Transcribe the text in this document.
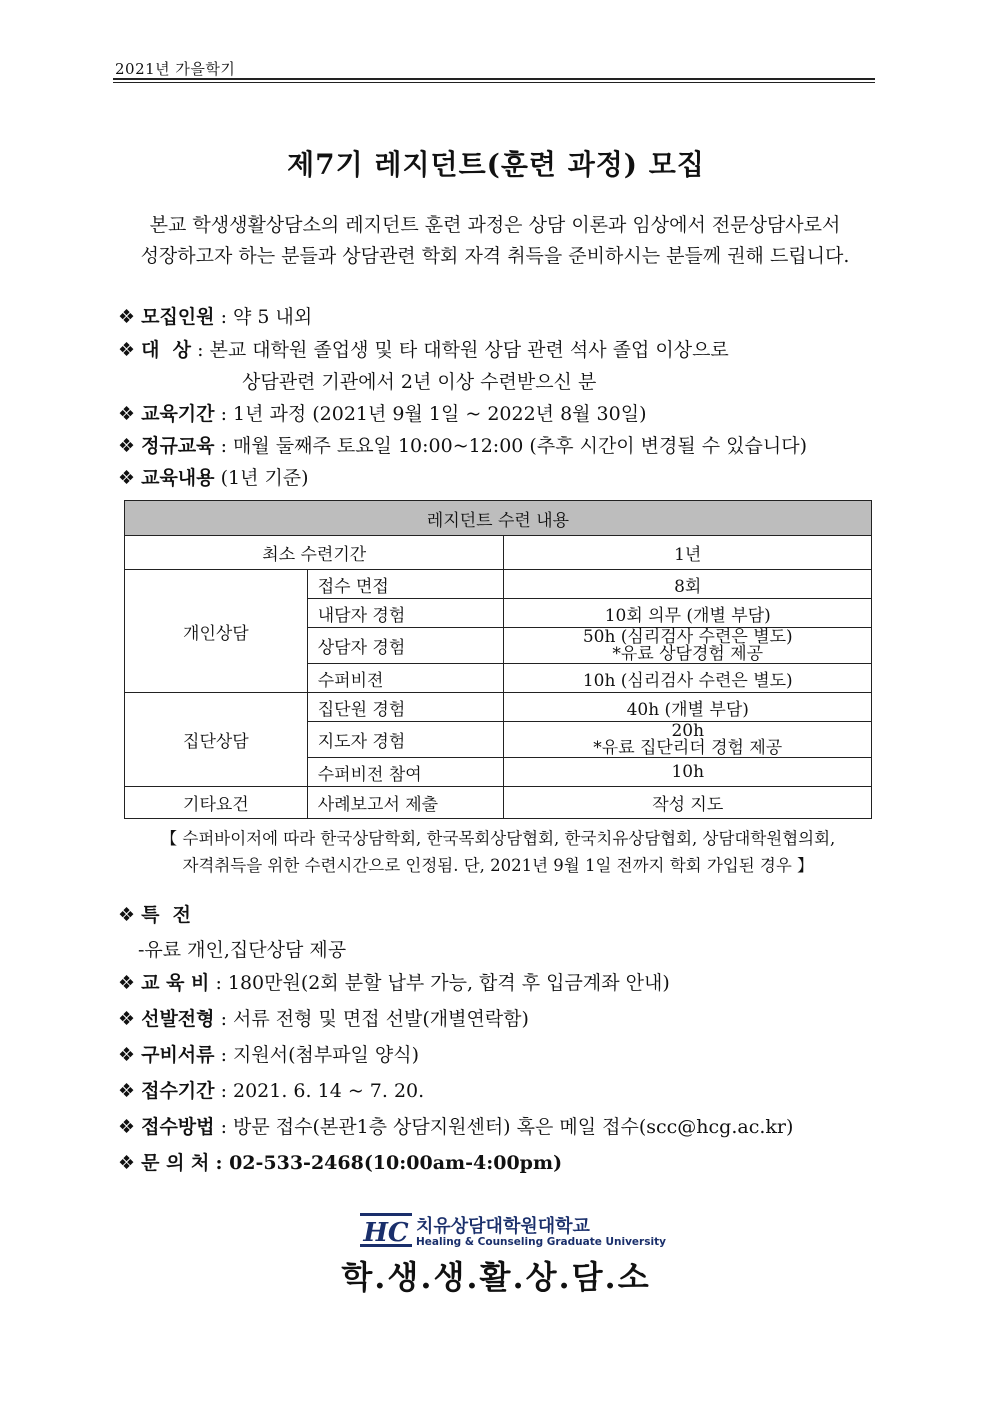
2021년 가을학기
제7기 레지던트(훈련 과정) 모집
본교 학생생활상담소의 레지던트 훈련 과정은 상담 이론과 임상에서 전문상담사로서
성장하고자 하는 분들과 상담관련 학회 자격 취득을 준비하시는 분들께 권해 드립니다.
❖ 모집인원 : 약 5 내외
❖ 대  상 : 본교 대학원 졸업생 및 타 대학원 상담 관련 석사 졸업 이상으로
상담관련 기관에서 2년 이상 수련받으신 분
❖ 교육기간 : 1년 과정 (2021년 9월 1일 ~ 2022년 8월 30일)
❖ 정규교육 : 매월 둘째주 토요일 10:00~12:00 (추후 시간이 변경될 수 있습니다)
❖ 교육내용 (1년 기준)
레지던트 수련 내용		
최소 수련기간		1년
개인상담	접수 면접	8회
	내담자 경험	10회 의무 (개별 부담)
	상담자 경험	50h (심리검사 수련은 별도)
*유료 상담경험 제공

	수퍼비젼	10h (심리검사 수련은 별도)
집단상담	집단원 경험	40h (개별 부담)
	지도자 경험	20h
*유료 집단리더 경험 제공

	수퍼비전 참여	10h
기타요건	사례보고서 제출	작성 지도
【 수퍼바이저에 따라 한국상담학회, 한국목회상담협회, 한국치유상담협회, 상담대학원협의회,
자격취득을 위한 수련시간으로 인정됨. 단, 2021년 9월 1일 전까지 학회 가입된 경우 】
❖ 특  전
-유료 개인,집단상담 제공
❖ 교 육 비 : 180만원(2회 분할 납부 가능, 합격 후 입금계좌 안내)
❖ 선발전형 : 서류 전형 및 면접 선발(개별연락함)
❖ 구비서류 : 지원서(첨부파일 양식)
❖ 접수기간 : 2021. 6. 14 ~ 7. 20.
❖ 접수방법 : 방문 접수(본관1층 상담지원센터) 혹은 메일 접수(scc@hcg.ac.kr)
❖ 문 의 처 : 02-533-2468(10:00am-4:00pm)
HC 치유상담대학원대학교
Healing & Counseling Graduate University
학.생.생.활.상.담.소
